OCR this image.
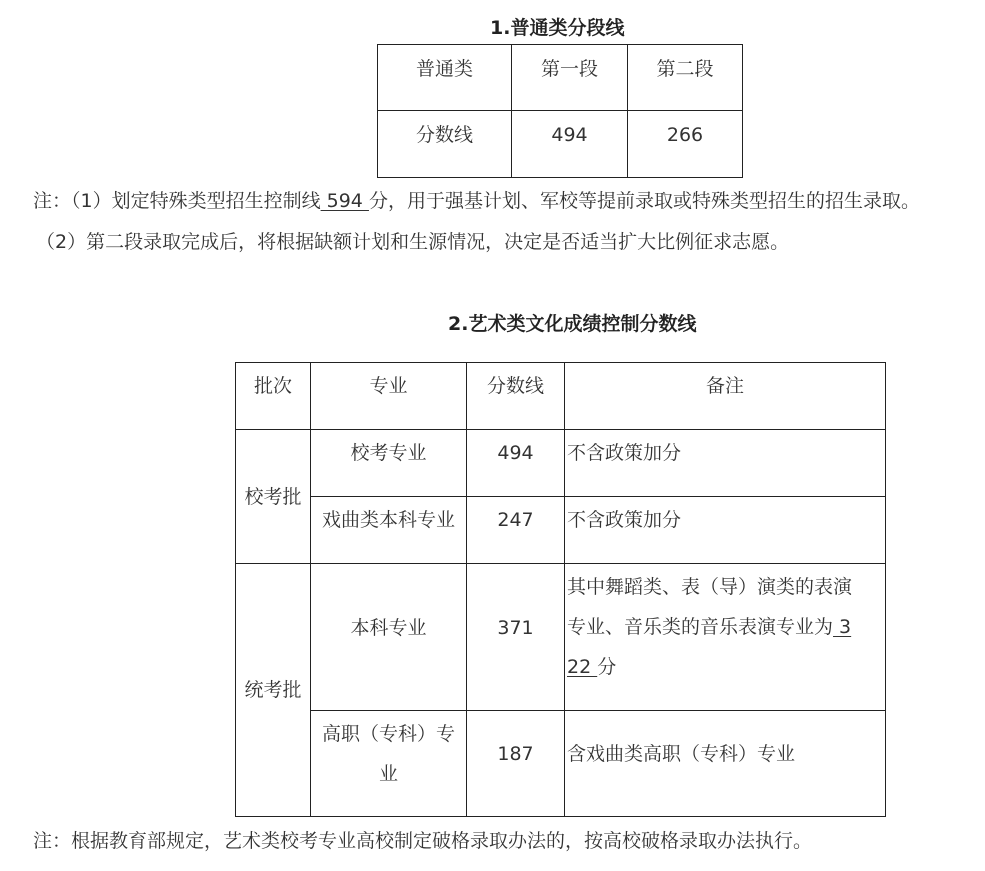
1.普通类分段线
普通类	第一段	第二段
分数线	494	266

注：（1）划定特殊类型招生控制线 594 分，用于强基计划、军校等提前录取或特殊类型招生的招生录取。

（2）第二段录取完成后，将根据缺额计划和生源情况，决定是否适当扩大比例征求志愿。

2.艺术类文化成绩控制分数线
批次	专业	分数线	备注
校考批	校考专业	494	不含政策加分
	戏曲类本科专业	247	不含政策加分
统考批	本科专业	371	其中舞蹈类、表（导）演类的表演
专业、音乐类的音乐表演专业为 3
22 分
	高职（专科）专
业	187	含戏曲类高职（专科）专业

注：根据教育部规定，艺术类校考专业高校制定破格录取办法的，按高校破格录取办法执行。
